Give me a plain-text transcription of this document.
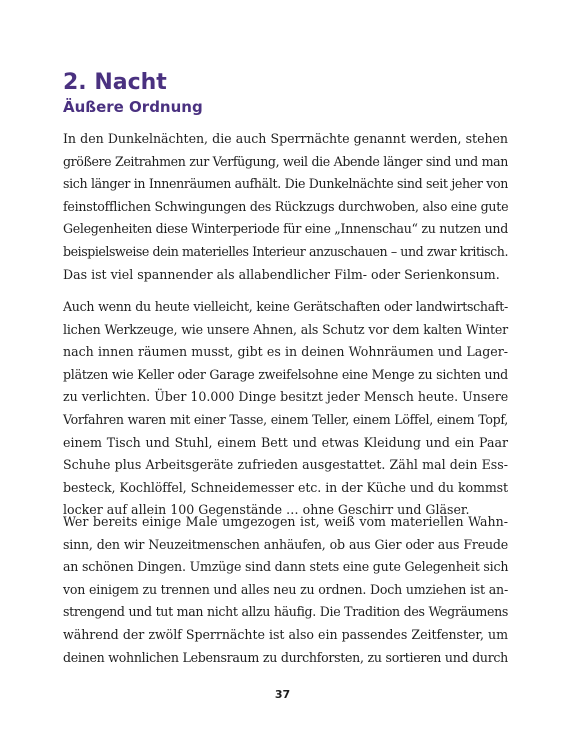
2. Nacht
Äußere Ordnung
In den Dunkelnächten, die auch Sperrnächte genannt werden, stehen
größere Zeitrahmen zur Verfügung, weil die Abende länger sind und man
sich länger in Innenräumen aufhält. Die Dunkelnächte sind seit jeher von
feinstofflichen Schwingungen des Rückzugs durchwoben, also eine gute
Gelegenheiten diese Winterperiode für eine „Innenschau“ zu nutzen und
beispielsweise dein materielles Interieur anzuschauen – und zwar kritisch.
Das ist viel spannender als allabendlicher Film- oder Serienkonsum.
Auch wenn du heute vielleicht, keine Gerätschaften oder landwirtschaft-
lichen Werkzeuge, wie unsere Ahnen, als Schutz vor dem kalten Winter
nach innen räumen musst, gibt es in deinen Wohnräumen und Lager-
plätzen wie Keller oder Garage zweifelsohne eine Menge zu sichten und
zu verlichten. Über 10.000 Dinge besitzt jeder Mensch heute. Unsere
Vorfahren waren mit einer Tasse, einem Teller, einem Löffel, einem Topf,
einem Tisch und Stuhl, einem Bett und etwas Kleidung und ein Paar
Schuhe plus Arbeitsgeräte zufrieden ausgestattet. Zähl mal dein Ess-
besteck, Kochlöffel, Schneidemesser etc. in der Küche und du kommst
locker auf allein 100 Gegenstände … ohne Geschirr und Gläser.
Wer bereits einige Male umgezogen ist, weiß vom materiellen Wahn-
sinn, den wir Neuzeitmenschen anhäufen, ob aus Gier oder aus Freude
an schönen Dingen. Umzüge sind dann stets eine gute Gelegenheit sich
von einigem zu trennen und alles neu zu ordnen. Doch umziehen ist an-
strengend und tut man nicht allzu häufig. Die Tradition des Wegräumens
während der zwölf Sperrnächte ist also ein passendes Zeitfenster, um
deinen wohnlichen Lebensraum zu durchforsten, zu sortieren und durch
37
